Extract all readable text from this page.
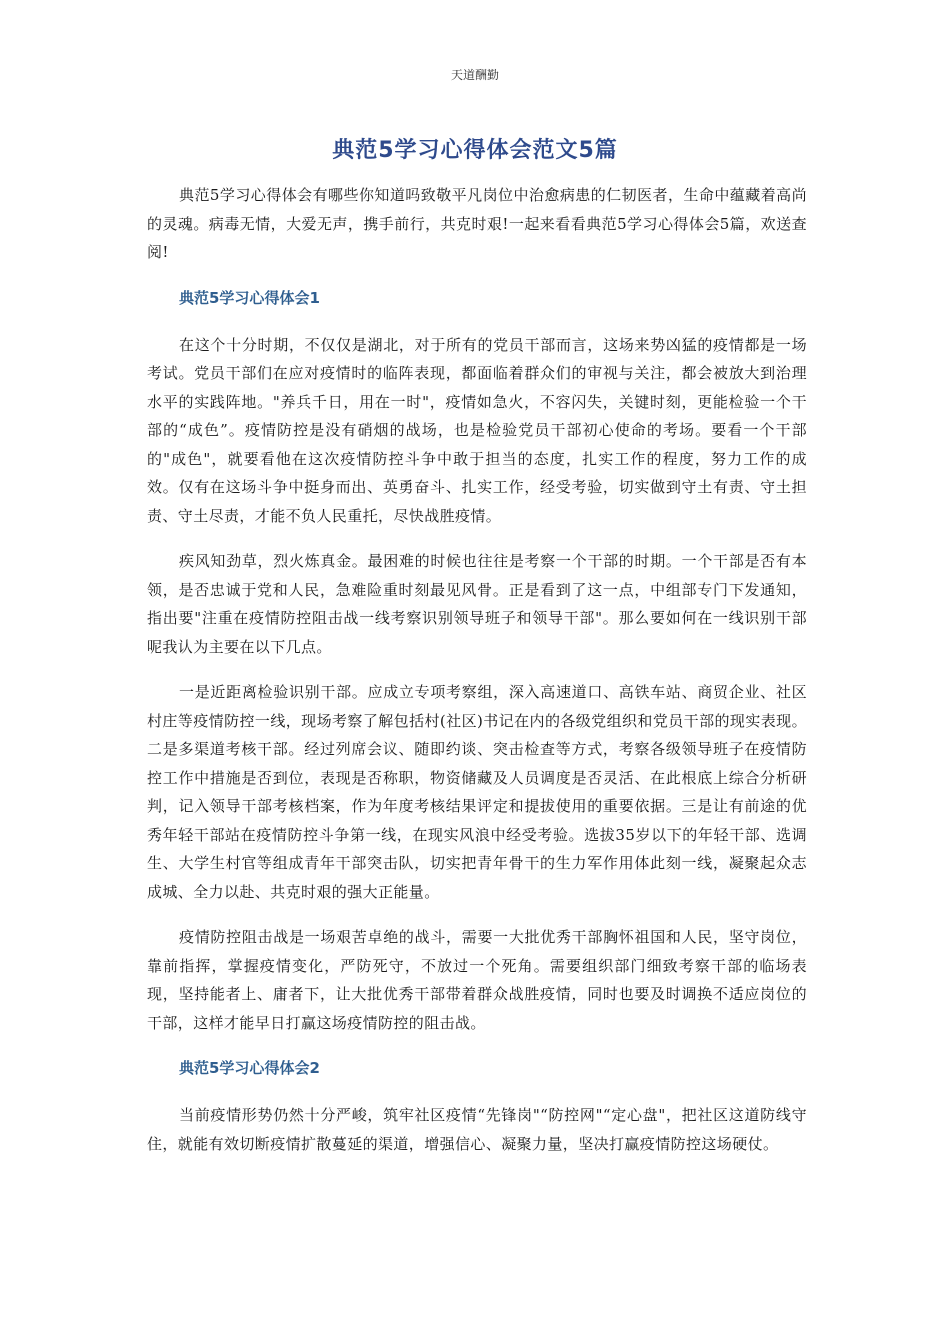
天道酬勤
典范5学习心得体会范文5篇

典范5学习心得体会有哪些你知道吗致敬平凡岗位中治愈病患的仁韧医者，生命中蕴藏着高尚的灵魂。病毒无情，大爱无声，携手前行，共克时艰!一起来看看典范5学习心得体会5篇，欢送查阅!

典范5学习心得体会1

在这个十分时期，不仅仅是湖北，对于所有的党员干部而言，这场来势凶猛的疫情都是一场考试。党员干部们在应对疫情时的临阵表现，都面临着群众们的审视与关注，都会被放大到治理水平的实践阵地。"养兵千日，用在一时"，疫情如急火，不容闪失，关键时刻，更能检验一个干部的“成色”。疫情防控是没有硝烟的战场，也是检验党员干部初心使命的考场。要看一个干部的"成色"，就要看他在这次疫情防控斗争中敢于担当的态度，扎实工作的程度，努力工作的成效。仅有在这场斗争中挺身而出、英勇奋斗、扎实工作，经受考验，切实做到守土有责、守土担责、守土尽责，才能不负人民重托，尽快战胜疫情。

疾风知劲草，烈火炼真金。最困难的时候也往往是考察一个干部的时期。一个干部是否有本领，是否忠诚于党和人民，急难险重时刻最见风骨。正是看到了这一点，中组部专门下发通知，指出要"注重在疫情防控阻击战一线考察识别领导班子和领导干部"。那么要如何在一线识别干部呢我认为主要在以下几点。

一是近距离检验识别干部。应成立专项考察组，深入高速道口、高铁车站、商贸企业、社区村庄等疫情防控一线，现场考察了解包括村(社区)书记在内的各级党组织和党员干部的现实表现。二是多渠道考核干部。经过列席会议、随即约谈、突击检查等方式，考察各级领导班子在疫情防控工作中措施是否到位，表现是否称职，物资储藏及人员调度是否灵活、在此根底上综合分析研判，记入领导干部考核档案，作为年度考核结果评定和提拔使用的重要依据。三是让有前途的优秀年轻干部站在疫情防控斗争第一线，在现实风浪中经受考验。选拔35岁以下的年轻干部、选调生、大学生村官等组成青年干部突击队，切实把青年骨干的生力军作用体此刻一线，凝聚起众志成城、全力以赴、共克时艰的强大正能量。

疫情防控阻击战是一场艰苦卓绝的战斗，需要一大批优秀干部胸怀祖国和人民，坚守岗位，靠前指挥，掌握疫情变化，严防死守，不放过一个死角。需要组织部门细致考察干部的临场表现，坚持能者上、庸者下，让大批优秀干部带着群众战胜疫情，同时也要及时调换不适应岗位的干部，这样才能早日打赢这场疫情防控的阻击战。

典范5学习心得体会2

当前疫情形势仍然十分严峻，筑牢社区疫情“先锋岗"“防控网"“定心盘"，把社区这道防线守住，就能有效切断疫情扩散蔓延的渠道，增强信心、凝聚力量，坚决打赢疫情防控这场硬仗。
